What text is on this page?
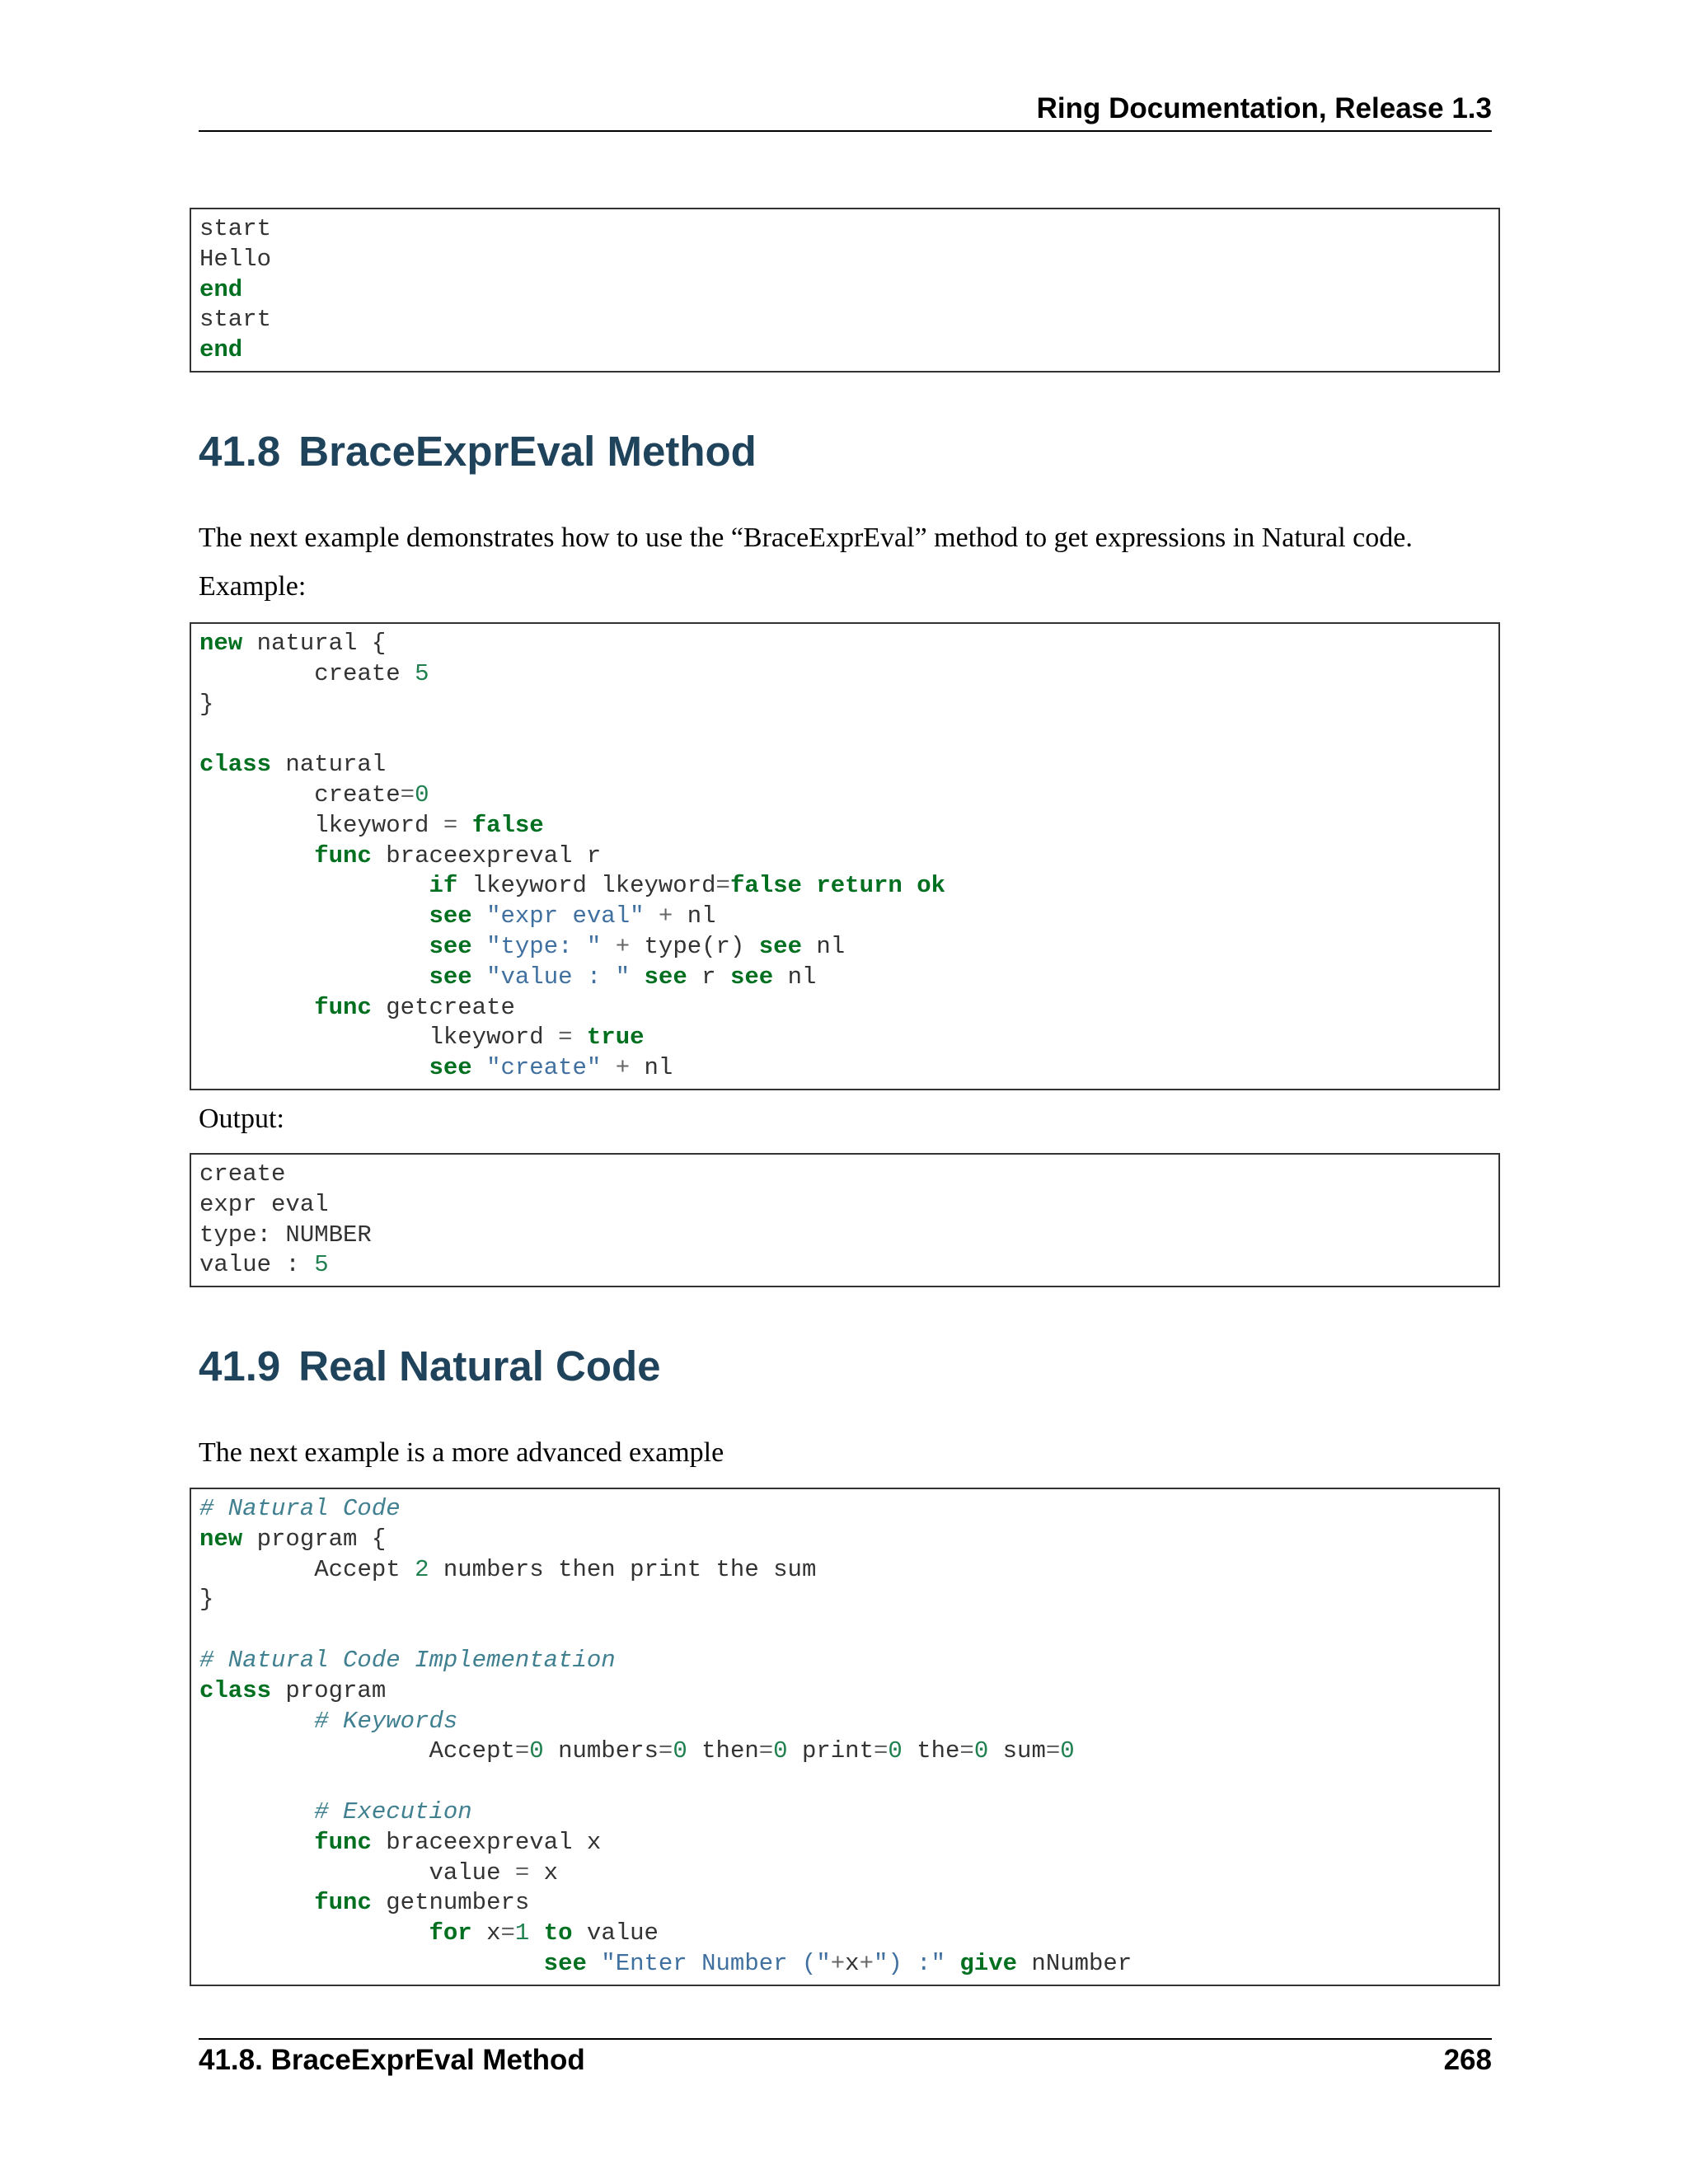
Ring Documentation, Release 1.3
start
Hello
end
start
end
41.8 BraceExprEval Method
The next example demonstrates how to use the “BraceExprEval” method to get expressions in Natural code.
Example:
new natural {
	create 5
}

class natural
	create=0
	lkeyword = false
	func braceexpreval r
		if lkeyword lkeyword=false return ok
		see "expr eval" + nl
		see "type: " + type(r) see nl
		see "value : " see r see nl
	func getcreate
		lkeyword = true
		see "create" + nl
Output:
create
expr eval
type: NUMBER
value : 5
41.9 Real Natural Code
The next example is a more advanced example
# Natural Code
new program {
	Accept 2 numbers then print the sum
}

# Natural Code Implementation
class program
	# Keywords
		Accept=0 numbers=0 then=0 print=0 the=0 sum=0

	# Execution
	func braceexpreval x
		value = x
	func getnumbers
		for x=1 to value
			see "Enter Number ("+x+") :" give nNumber
41.8. BraceExprEval Method	268
